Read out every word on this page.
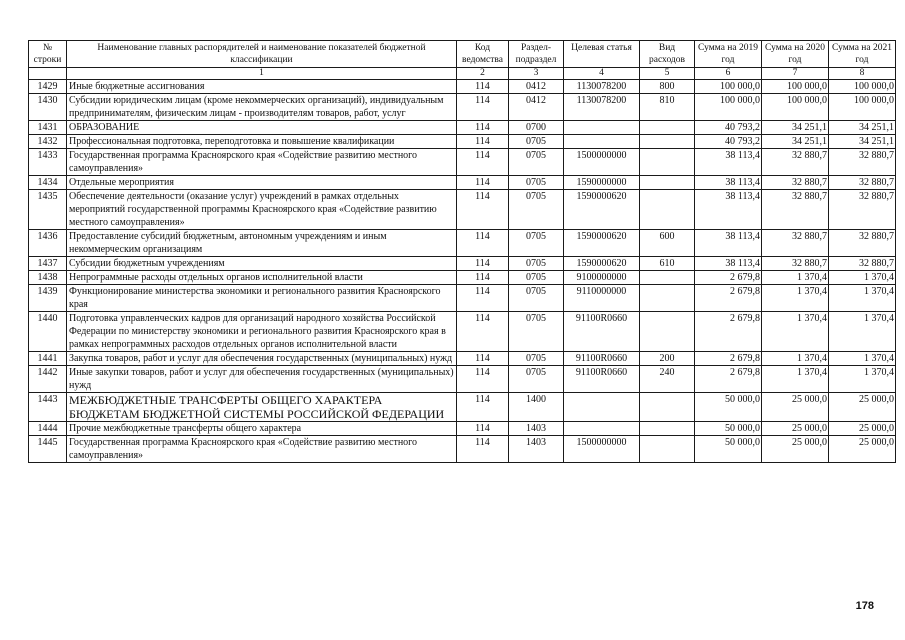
№ строки	Наименование главных распорядителей и наименование показателей бюджетной классификации	Код ведомства	Раздел-подраздел	Целевая статья	Вид расходов	Сумма на 2019 год	Сумма на 2020 год	Сумма на 2021 год
	1	2	3	4	5	6	7	8
1429	Иные бюджетные ассигнования	114	0412	1130078200	800	100 000,0	100 000,0	100 000,0
1430	Субсидии юридическим лицам (кроме некоммерческих организаций), индивидуальным предпринимателям, физическим лицам - производителям товаров, работ, услуг	114	0412	1130078200	810	100 000,0	100 000,0	100 000,0
1431	ОБРАЗОВАНИЕ	114	0700			40 793,2	34 251,1	34 251,1
1432	Профессиональная подготовка, переподготовка и повышение квалификации	114	0705			40 793,2	34 251,1	34 251,1
1433	Государственная программа Красноярского края «Содействие развитию местного самоуправления»	114	0705	1500000000		38 113,4	32 880,7	32 880,7
1434	Отдельные мероприятия	114	0705	1590000000		38 113,4	32 880,7	32 880,7
1435	Обеспечение деятельности (оказание услуг) учреждений в рамках отдельных мероприятий государственной программы Красноярского края «Содействие развитию местного самоуправления»	114	0705	1590000620		38 113,4	32 880,7	32 880,7
1436	Предоставление субсидий бюджетным, автономным учреждениям и иным некоммерческим организациям	114	0705	1590000620	600	38 113,4	32 880,7	32 880,7
1437	Субсидии бюджетным учреждениям	114	0705	1590000620	610	38 113,4	32 880,7	32 880,7
1438	Непрограммные расходы отдельных органов исполнительной власти	114	0705	9100000000		2 679,8	1 370,4	1 370,4
1439	Функционирование министерства экономики и регионального развития Красноярского края	114	0705	9110000000		2 679,8	1 370,4	1 370,4
1440	Подготовка управленческих кадров для организаций народного хозяйства Российской Федерации по министерству экономики и регионального развития Красноярского края в рамках непрограммных расходов отдельных органов исполнительной власти	114	0705	91100R0660		2 679,8	1 370,4	1 370,4
1441	Закупка товаров, работ и услуг для обеспечения государственных (муниципальных) нужд	114	0705	91100R0660	200	2 679,8	1 370,4	1 370,4
1442	Иные закупки товаров, работ и услуг для обеспечения государственных (муниципальных) нужд	114	0705	91100R0660	240	2 679,8	1 370,4	1 370,4
1443	МЕЖБЮДЖЕТНЫЕ ТРАНСФЕРТЫ ОБЩЕГО ХАРАКТЕРА БЮДЖЕТАМ БЮДЖЕТНОЙ СИСТЕМЫ РОССИЙСКОЙ ФЕДЕРАЦИИ	114	1400			50 000,0	25 000,0	25 000,0
1444	Прочие межбюджетные трансферты общего характера	114	1403			50 000,0	25 000,0	25 000,0
1445	Государственная программа Красноярского края «Содействие развитию местного самоуправления»	114	1403	1500000000		50 000,0	25 000,0	25 000,0
178
